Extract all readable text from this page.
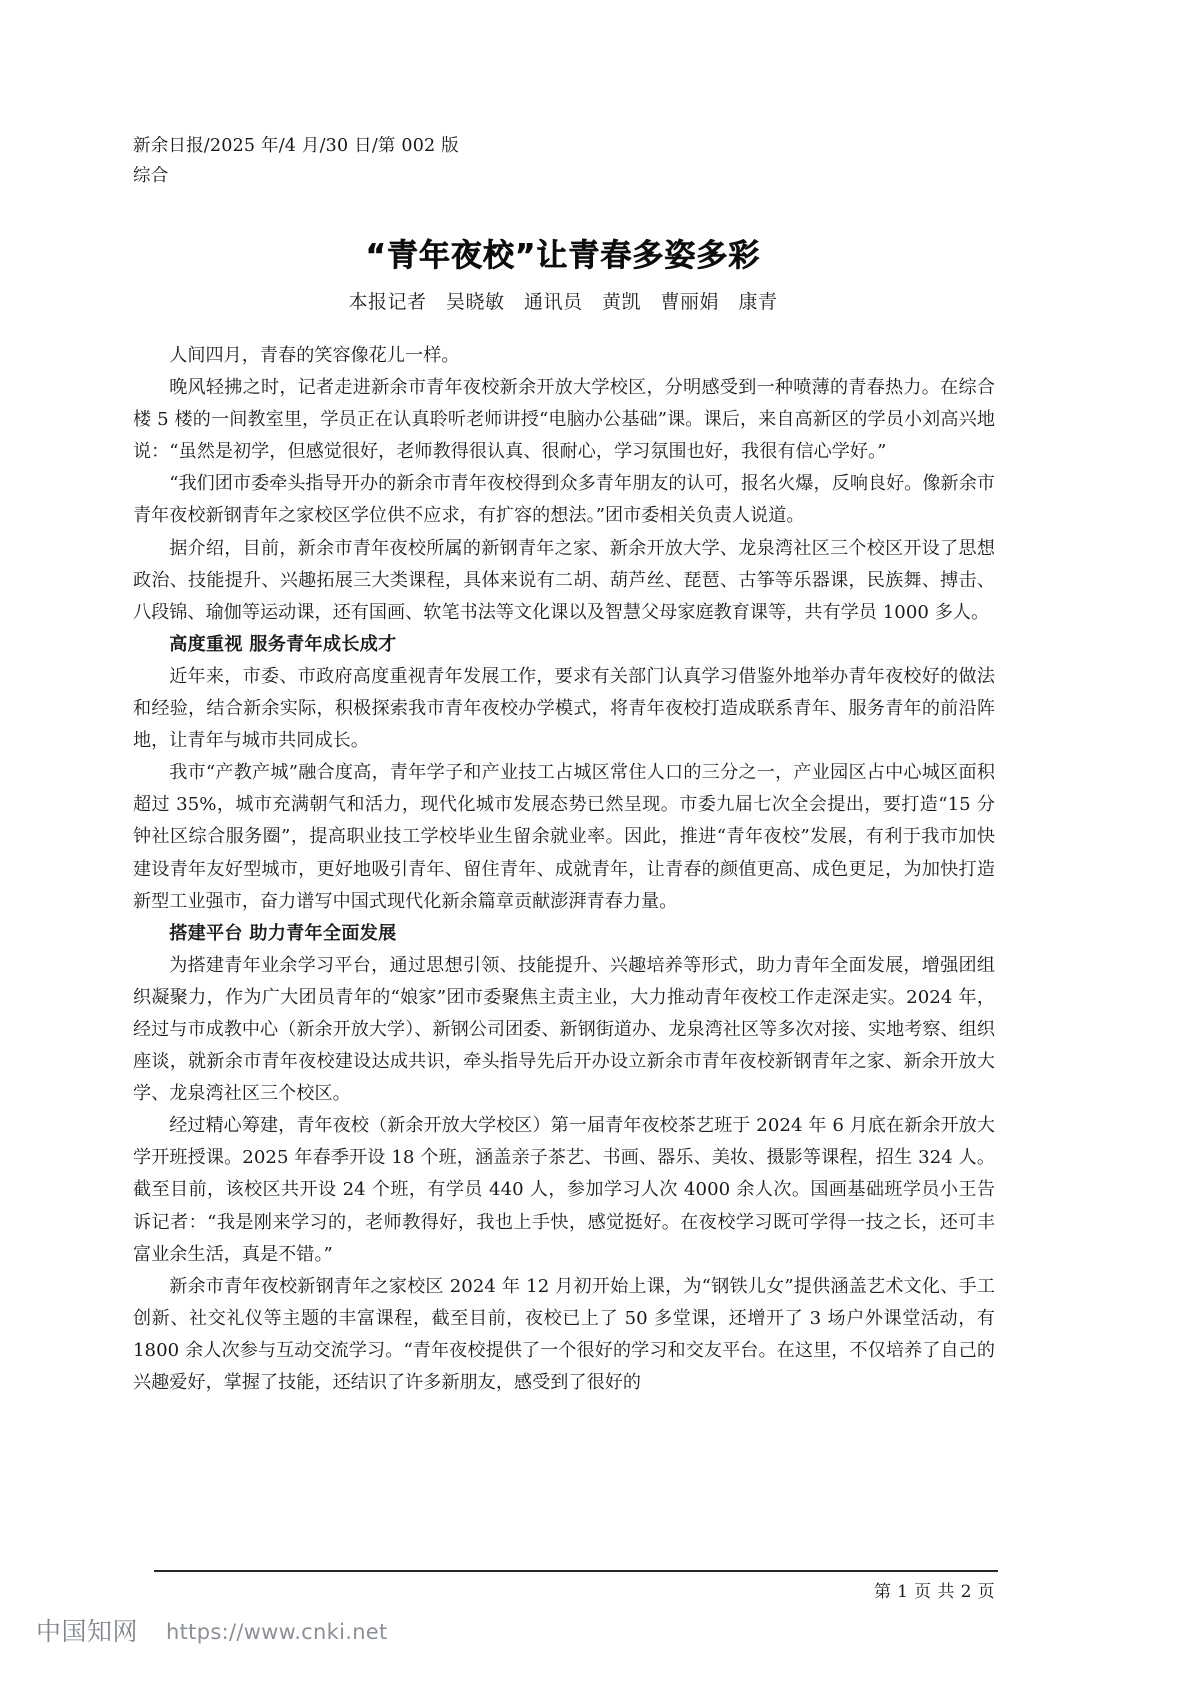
新余日报/2025 年/4 月/30 日/第 002 版
综合
“青年夜校”让青春多姿多彩
本报记者　吴晓敏　通讯员　黄凯　曹丽娟　康青

人间四月，青春的笑容像花儿一样。

晚风轻拂之时，记者走进新余市青年夜校新余开放大学校区，分明感受到一种喷薄的青春热力。在综合楼 5 楼的一间教室里，学员正在认真聆听老师讲授“电脑办公基础”课。课后，来自高新区的学员小刘高兴地说：“虽然是初学，但感觉很好，老师教得很认真、很耐心，学习氛围也好，我很有信心学好。”

“我们团市委牵头指导开办的新余市青年夜校得到众多青年朋友的认可，报名火爆，反响良好。像新余市青年夜校新钢青年之家校区学位供不应求，有扩容的想法。”团市委相关负责人说道。

据介绍，目前，新余市青年夜校所属的新钢青年之家、新余开放大学、龙泉湾社区三个校区开设了思想政治、技能提升、兴趣拓展三大类课程，具体来说有二胡、葫芦丝、琵琶、古筝等乐器课，民族舞、搏击、八段锦、瑜伽等运动课，还有国画、软笔书法等文化课以及智慧父母家庭教育课等，共有学员 1000 多人。

高度重视 服务青年成长成才

近年来，市委、市政府高度重视青年发展工作，要求有关部门认真学习借鉴外地举办青年夜校好的做法和经验，结合新余实际，积极探索我市青年夜校办学模式，将青年夜校打造成联系青年、服务青年的前沿阵地，让青年与城市共同成长。

我市“产教产城”融合度高，青年学子和产业技工占城区常住人口的三分之一，产业园区占中心城区面积超过 35%，城市充满朝气和活力，现代化城市发展态势已然呈现。市委九届七次全会提出，要打造“15 分钟社区综合服务圈”，提高职业技工学校毕业生留余就业率。因此，推进“青年夜校”发展，有利于我市加快建设青年友好型城市，更好地吸引青年、留住青年、成就青年，让青春的颜值更高、成色更足，为加快打造新型工业强市，奋力谱写中国式现代化新余篇章贡献澎湃青春力量。

搭建平台 助力青年全面发展

为搭建青年业余学习平台，通过思想引领、技能提升、兴趣培养等形式，助力青年全面发展，增强团组织凝聚力，作为广大团员青年的“娘家”团市委聚焦主责主业，大力推动青年夜校工作走深走实。2024 年，经过与市成教中心（新余开放大学）、新钢公司团委、新钢街道办、龙泉湾社区等多次对接、实地考察、组织座谈，就新余市青年夜校建设达成共识，牵头指导先后开办设立新余市青年夜校新钢青年之家、新余开放大学、龙泉湾社区三个校区。

经过精心筹建，青年夜校（新余开放大学校区）第一届青年夜校茶艺班于 2024 年 6 月底在新余开放大学开班授课。2025 年春季开设 18 个班，涵盖亲子茶艺、书画、器乐、美妆、摄影等课程，招生 324 人。截至目前，该校区共开设 24 个班，有学员 440 人，参加学习人次 4000 余人次。国画基础班学员小王告诉记者：“我是刚来学习的，老师教得好，我也上手快，感觉挺好。在夜校学习既可学得一技之长，还可丰富业余生活，真是不错。”

新余市青年夜校新钢青年之家校区 2024 年 12 月初开始上课，为“钢铁儿女”提供涵盖艺术文化、手工创新、社交礼仪等主题的丰富课程，截至目前，夜校已上了 50 多堂课，还增开了 3 场户外课堂活动，有 1800 余人次参与互动交流学习。“青年夜校提供了一个很好的学习和交友平台。在这里，不仅培养了自己的兴趣爱好，掌握了技能，还结识了许多新朋友，感受到了很好的

第 1 页 共 2 页
中国知网 https://www.cnki.net
